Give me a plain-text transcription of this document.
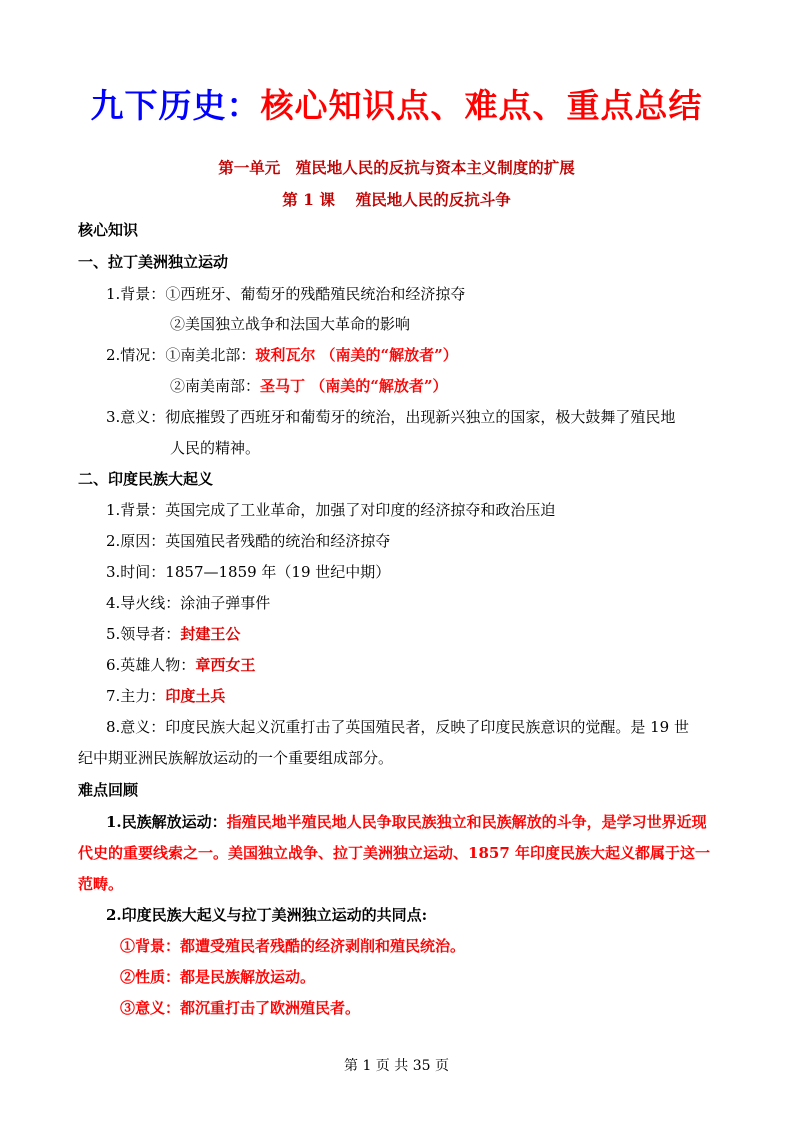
九下历史：核心知识点、难点、重点总结
第一单元　殖民地人民的反抗与资本主义制度的扩展
第 1 课　 殖民地人民的反抗斗争
核心知识
一、拉丁美洲独立运动
1.背景：①西班牙、葡萄牙的残酷殖民统治和经济掠夺
②美国独立战争和法国大革命的影响
2.情况：①南美北部：玻利瓦尔 （南美的“解放者”）
②南美南部：圣马丁 （南美的“解放者”）
3.意义：彻底摧毁了西班牙和葡萄牙的统治，出现新兴独立的国家，极大鼓舞了殖民地
人民的精神。
二、印度民族大起义
1.背景：英国完成了工业革命，加强了对印度的经济掠夺和政治压迫
2.原因：英国殖民者残酷的统治和经济掠夺
3.时间：1857—1859 年（19 世纪中期）
4.导火线：涂油子弹事件
5.领导者：封建王公
6.英雄人物：章西女王
7.主力：印度土兵
8.意义：印度民族大起义沉重打击了英国殖民者，反映了印度民族意识的觉醒。是 19 世
纪中期亚洲民族解放运动的一个重要组成部分。
难点回顾
1.民族解放运动：指殖民地半殖民地人民争取民族独立和民族解放的斗争，是学习世界近现代史的重要线索之一。美国独立战争、拉丁美洲独立运动、1857 年印度民族大起义都属于这一范畴。
2.印度民族大起义与拉丁美洲独立运动的共同点:
①背景：都遭受殖民者残酷的经济剥削和殖民统治。
②性质：都是民族解放运动。
③意义：都沉重打击了欧洲殖民者。
第 1 页 共 35 页
